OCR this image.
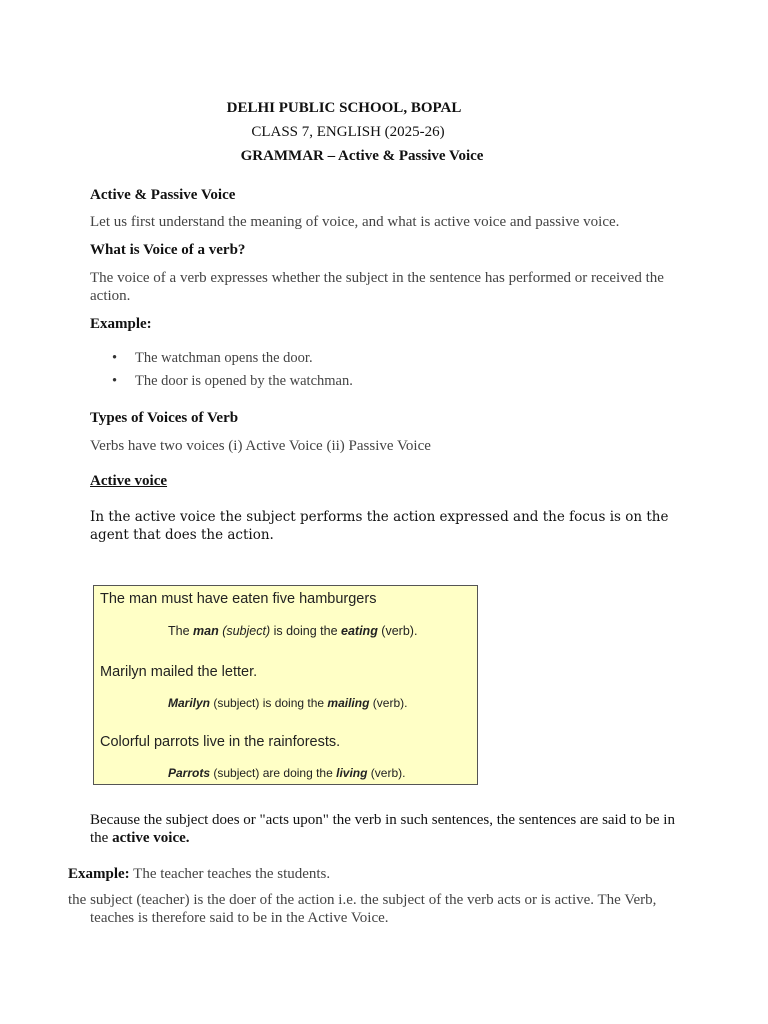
DELHI PUBLIC SCHOOL, BOPAL
CLASS 7, ENGLISH (2025-26)
GRAMMAR – Active & Passive Voice
Active & Passive Voice
Let us first understand the meaning of voice, and what is active voice and passive voice.
What is Voice of a verb?
The voice of a verb expresses whether the subject in the sentence has performed or received the action.
Example:
• The watchman opens the door.
• The door is opened by the watchman.
Types of Voices of Verb
Verbs have two voices (i) Active Voice (ii) Passive Voice
Active voice
In the active voice the subject performs the action expressed and the focus is on the agent that does the action.
The man must have eaten five hamburgers
The man (subject) is doing the eating (verb).
Marilyn mailed the letter.
Marilyn (subject) is doing the mailing (verb).
Colorful parrots live in the rainforests.
Parrots (subject) are doing the living (verb).
Because the subject does or "acts upon" the verb in such sentences, the sentences are said to be in the active voice.
Example: The teacher teaches the students.
the subject (teacher) is the doer of the action i.e. the subject of the verb acts or is active. The Verb,
teaches is therefore said to be in the Active Voice.
